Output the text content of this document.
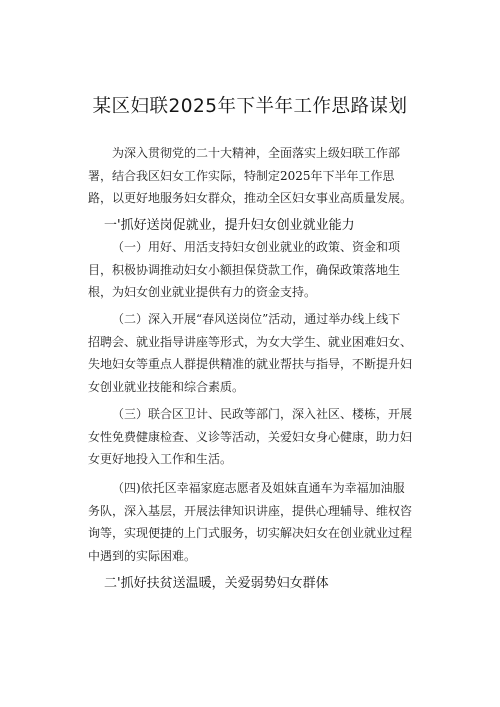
某区妇联2025年下半年工作思路谋划

为深入贯彻党的二十大精神，全面落实上级妇联工作部署，结合我区妇女工作实际，特制定2025年下半年工作思路，以更好地服务妇女群众，推动全区妇女事业高质量发展。

一'抓好送岗促就业，提升妇女创业就业能力

（一）用好、用活支持妇女创业就业的政策、资金和项目，积极协调推动妇女小额担保贷款工作，确保政策落地生根，为妇女创业就业提供有力的资金支持。

（二）深入开展“春风送岗位”活动，通过举办线上线下招聘会、就业指导讲座等形式，为女大学生、就业困难妇女、失地妇女等重点人群提供精准的就业帮扶与指导，不断提升妇女创业就业技能和综合素质。

（三）联合区卫计、民政等部门，深入社区、楼栋，开展女性免费健康检查、义诊等活动，关爱妇女身心健康，助力妇女更好地投入工作和生活。

（四)依托区幸福家庭志愿者及姐妹直通车为幸福加油服务队，深入基层，开展法律知识讲座，提供心理辅导、维权咨询等，实现便捷的上门式服务，切实解决妇女在创业就业过程中遇到的实际困难。

二'抓好扶贫送温暖，关爱弱势妇女群体
